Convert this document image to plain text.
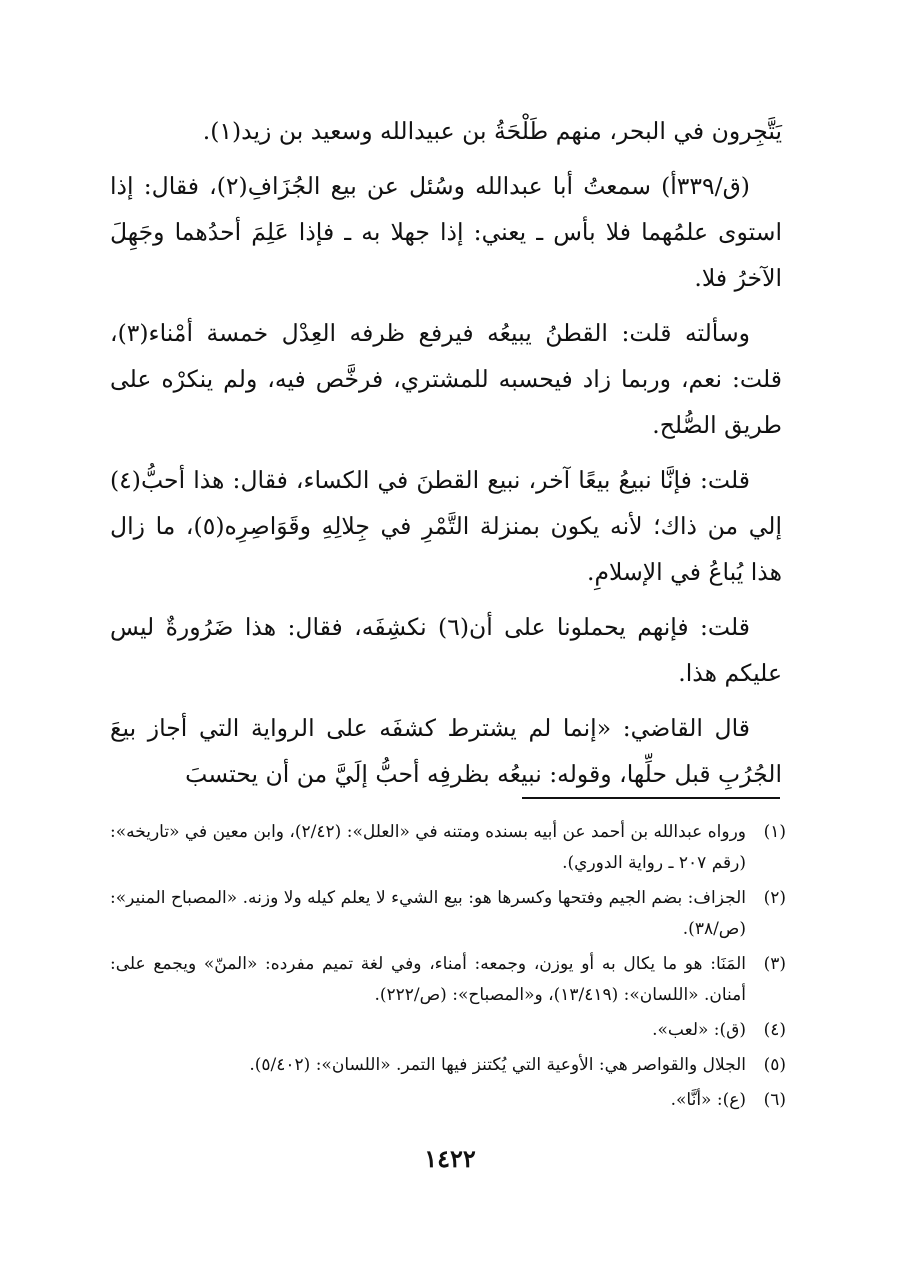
يَتَّجِرون في البحر، منهم طَلْحَةُ بن عبيدالله وسعيد بن زيد(١).

(ق/٣٣٩أ) سمعتُ أبا عبدالله وسُئل عن بيع الجُزَافِ(٢)، فقال: إذا استوى علمُهما فلا بأس ـ يعني: إذا جهلا به ـ فإذا عَلِمَ أحدُهما وجَهِلَ الآخرُ فلا.

وسألته قلت: القطنُ يبيعُه فيرفع ظرفه العِدْل خمسة أمْناء(٣)، قلت: نعم، وربما زاد فيحسبه للمشتري، فرخَّص فيه، ولم ينكرْه على طريق الصُّلح.

قلت: فإنَّا نبيعُ بيعًا آخر، نبيع القطنَ في الكساء، فقال: هذا أحبُّ(٤) إلي من ذاك؛ لأنه يكون بمنزلة التَّمْرِ في جِلالِهِ وقَوَاصِرِه(٥)، ما زال هذا يُباعُ في الإسلامِ.

قلت: فإنهم يحملونا على أن(٦) نكشِفَه، فقال: هذا ضَرُورةٌ ليس عليكم هذا.

قال القاضي: «إنما لم يشترط كشفَه على الرواية التي أجاز بيعَ الجُرُبِ قبل حلِّها، وقوله: نبيعُه بظرفِه أحبُّ إلَيَّ من أن يحتسبَ

(١)
ورواه عبدالله بن أحمد عن أبيه بسنده ومتنه في «العلل»: (٢/٤٢)، وابن معين في «تاريخه»: (رقم ٢٠٧ ـ رواية الدوري).
(٢)
الجزاف: بضم الجيم وفتحها وكسرها هو: بيع الشيء لا يعلم كيله ولا وزنه. «المصباح المنير»: (ص/٣٨).
(٣)
المَنَا: هو ما يكال به أو يوزن، وجمعه: أمناء، وفي لغة تميم مفرده: «المنّ» ويجمع على: أمنان. «اللسان»: (١٣/٤١٩)، و«المصباح»: (ص/٢٢٢).
(٤)
(ق): «لعب».
(٥)
الجلال والقواصر هي: الأوعية التي يُكتنز فيها التمر. «اللسان»: (٥/٤٠٢).
(٦)
(ع): «أنَّا».
١٤٢٢
